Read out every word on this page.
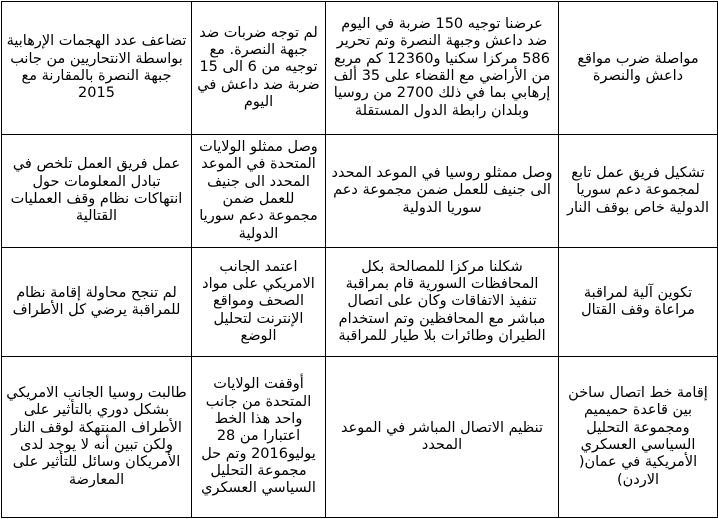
مواصلة ضرب مواقع داعش والنصرة	عرضنا توجيه 150 ضربة في اليوم ضد داعش وجبهة النصرة وتم تحرير 586 مركزا سكنيا و12360 كم مربع من الأراضي مع القضاء على 35 ألف إرهابي بما في ذلك 2700 من روسيا وبلدان رابطة الدول المستقلة	لم توجه ضربات ضد جبهة النصرة. مع توجيه من 6 الى 15 ضربة ضد داعش في اليوم	تضاعف عدد الهجمات الإرهابية بواسطة الانتحاريين من جانب جبهة النصرة بالمقارنة مع 2015

تشكيل فريق عمل تابع لمجموعة دعم سوريا الدولية خاص بوقف النار	وصل ممثلو روسيا في الموعد المحدد الى جنيف للعمل ضمن مجموعة دعم سوريا الدولية	وصل ممثلو الولايات المتحدة في الموعد المحدد الى جنيف للعمل ضمن مجموعة دعم سوريا الدولية	عمل فريق العمل تلخص في تبادل المعلومات حول انتهاكات نظام وقف العمليات القتالية

تكوين آلية لمراقبة مراعاة وقف القتال	شكلنا مركزا للمصالحة بكل المحافظات السورية قام بمراقبة تنفيذ الاتفاقات وكان على اتصال مباشر مع المحافظين وتم استخدام الطيران وطائرات بلا طيار للمراقبة	اعتمد الجانب الامريكي على مواد الصحف ومواقع الإنترنت لتحليل الوضع	لم تنجح محاولة إقامة نظام للمراقبة يرضي كل الأطراف

إقامة خط اتصال ساخن بين قاعدة حميميم ومجموعة التحليل السياسي العسكري الأمريكية في عمان( الاردن)	تنظيم الاتصال المباشر في الموعد المحدد	أوقفت الولايات المتحدة من جانب واحد هذا الخط اعتبارا من 28 يوليو2016 وتم حل مجموعة التحليل السياسي العسكري	طالبت روسيا الجانب الامريكي بشكل دوري بالتأثير على الأطراف المنتهكة لوقف النار ولكن تبين أنه لا يوجد لدى الأمريكان وسائل للتأثير على المعارضة
